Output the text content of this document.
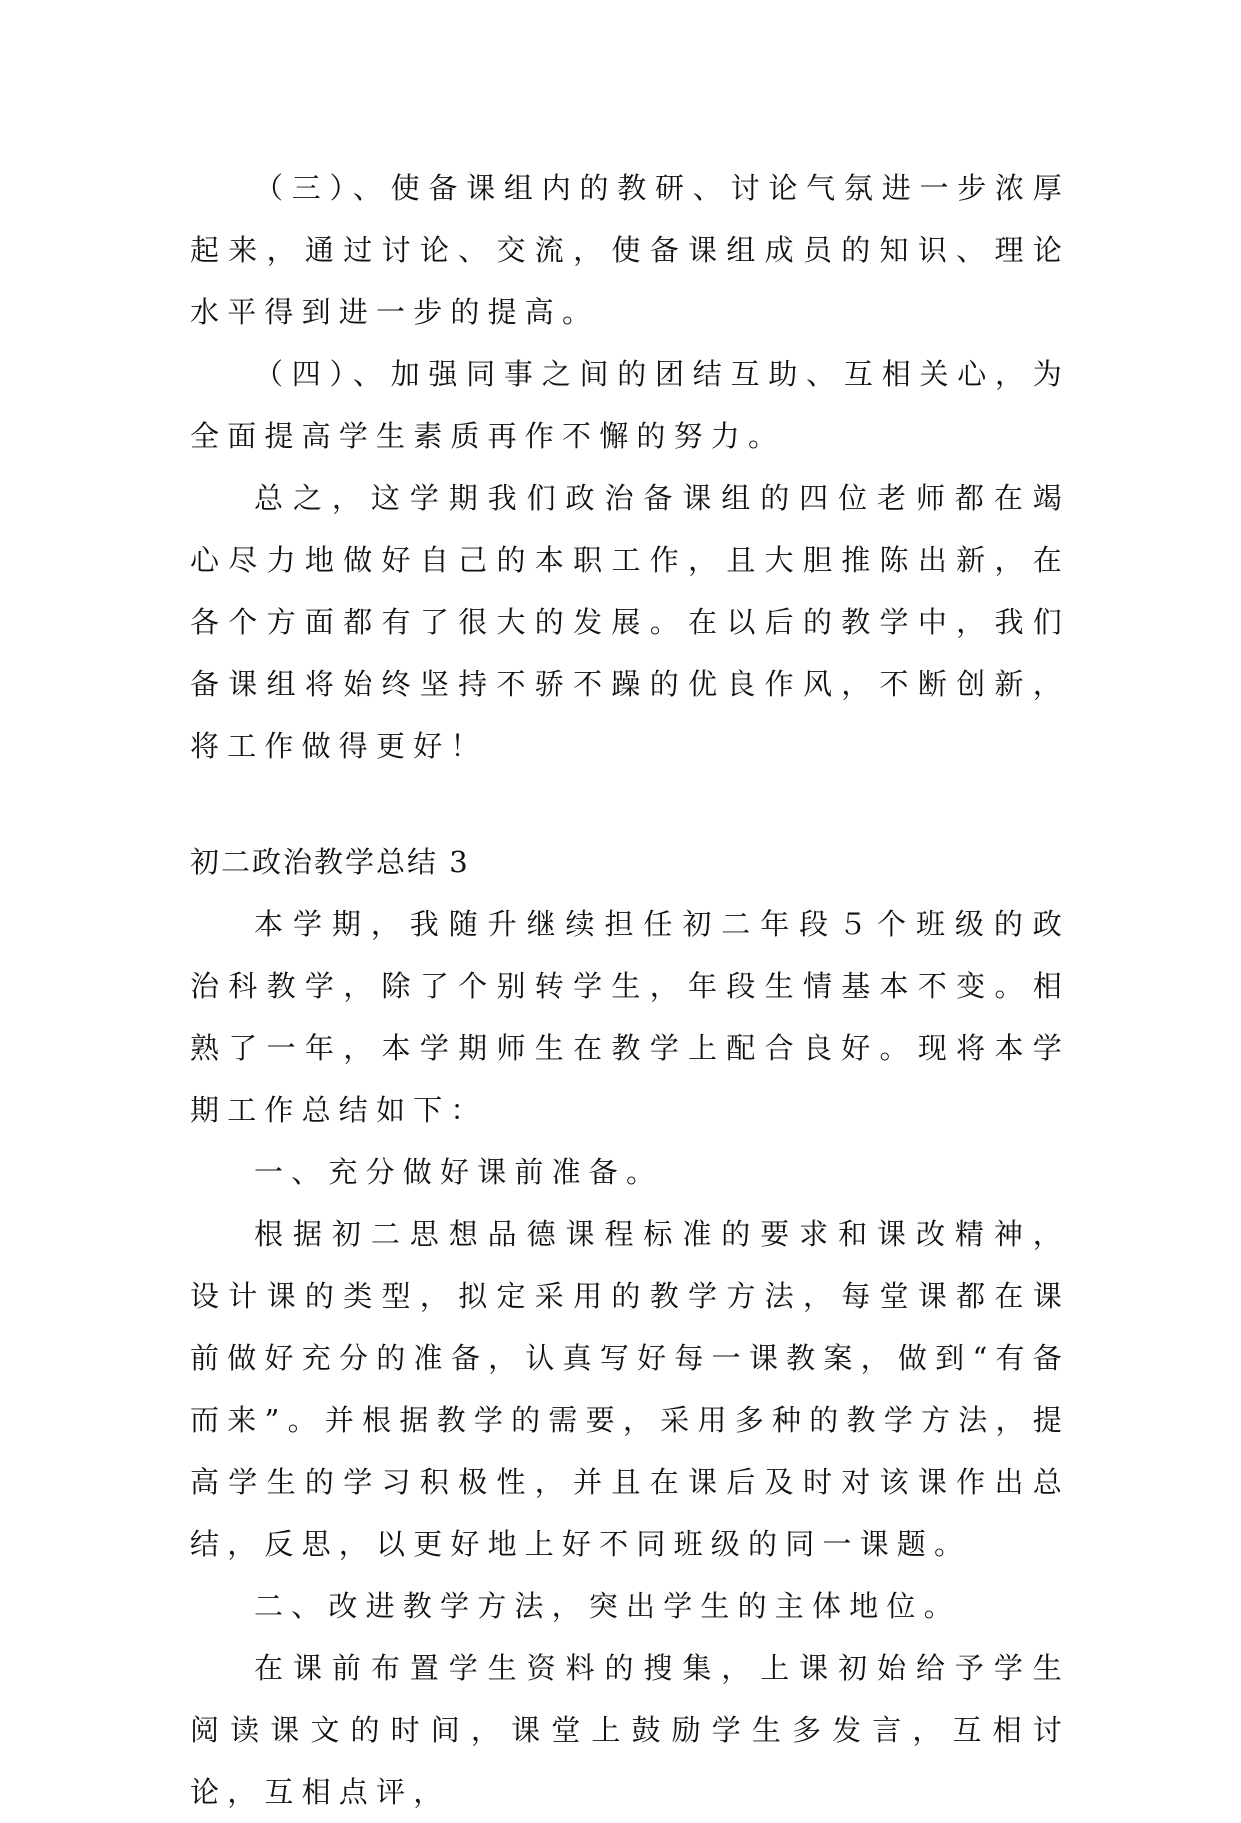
（三）、使备课组内的教研、讨论气氛进一步浓厚起来，通过讨论、交流，使备课组成员的知识、理论水平得到进一步的提高。

（四）、加强同事之间的团结互助、互相关心，为全面提高学生素质再作不懈的努力。

总之，这学期我们政治备课组的四位老师都在竭心尽力地做好自己的本职工作，且大胆推陈出新，在各个方面都有了很大的发展。在以后的教学中，我们备课组将始终坚持不骄不躁的优良作风，不断创新，将工作做得更好！

初二政治教学总结 3

本学期，我随升继续担任初二年段５个班级的政治科教学，除了个别转学生，年段生情基本不变。相熟了一年，本学期师生在教学上配合良好。现将本学期工作总结如下：

一、充分做好课前准备。

根据初二思想品德课程标准的要求和课改精神，设计课的类型，拟定采用的教学方法，每堂课都在课前做好充分的准备，认真写好每一课教案，做到“有备而来”。并根据教学的需要，采用多种的教学方法，提高学生的学习积极性，并且在课后及时对该课作出总结，反思，以更好地上好不同班级的同一课题。

二、改进教学方法，突出学生的主体地位。

在课前布置学生资料的搜集，上课初始给予学生阅读课文的时间，课堂上鼓励学生多发言，互相讨论，互相点评，
